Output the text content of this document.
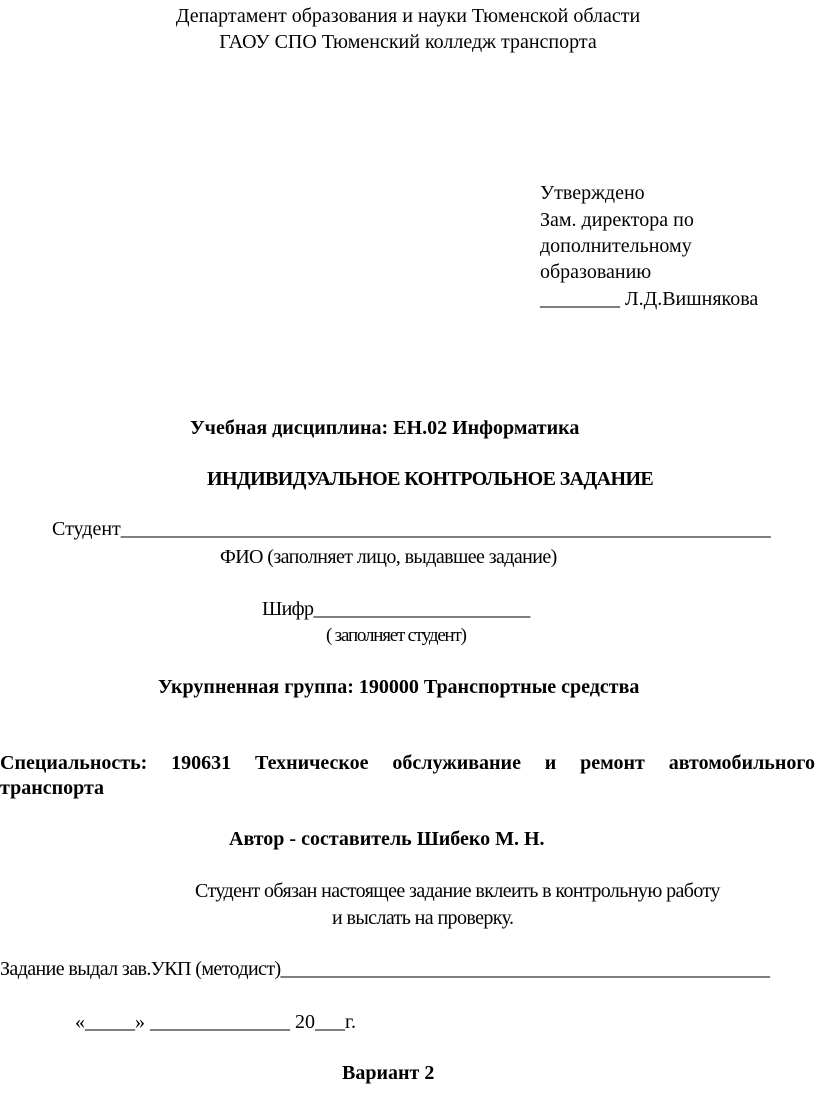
Департамент образования и науки Тюменской области
ГАОУ СПО Тюменский колледж транспорта
Утверждено
Зам. директора по
дополнительному
образованию
________ Л.Д.Вишнякова
Учебная дисциплина: ЕН.02 Информатика
ИНДИВИДУАЛЬНОЕ КОНТРОЛЬНОЕ ЗАДАНИЕ
Студент_________________________________________________________________
ФИО (заполняет лицо, выдавшее задание)
Шифр_______________________
( заполняет студент)
Укрупненная группа: 190000 Транспортные средства
Специальность: 190631 Техническое обслуживание и ремонт автомобильного
транспорта
Автор - составитель Шибеко М. Н.
Студент обязан настоящее задание вклеить в контрольную работу
и выслать на проверку.
Задание выдал зав.УКП (методист)____________________________________________________
«_____» ______________ 20___г.
Вариант 2
